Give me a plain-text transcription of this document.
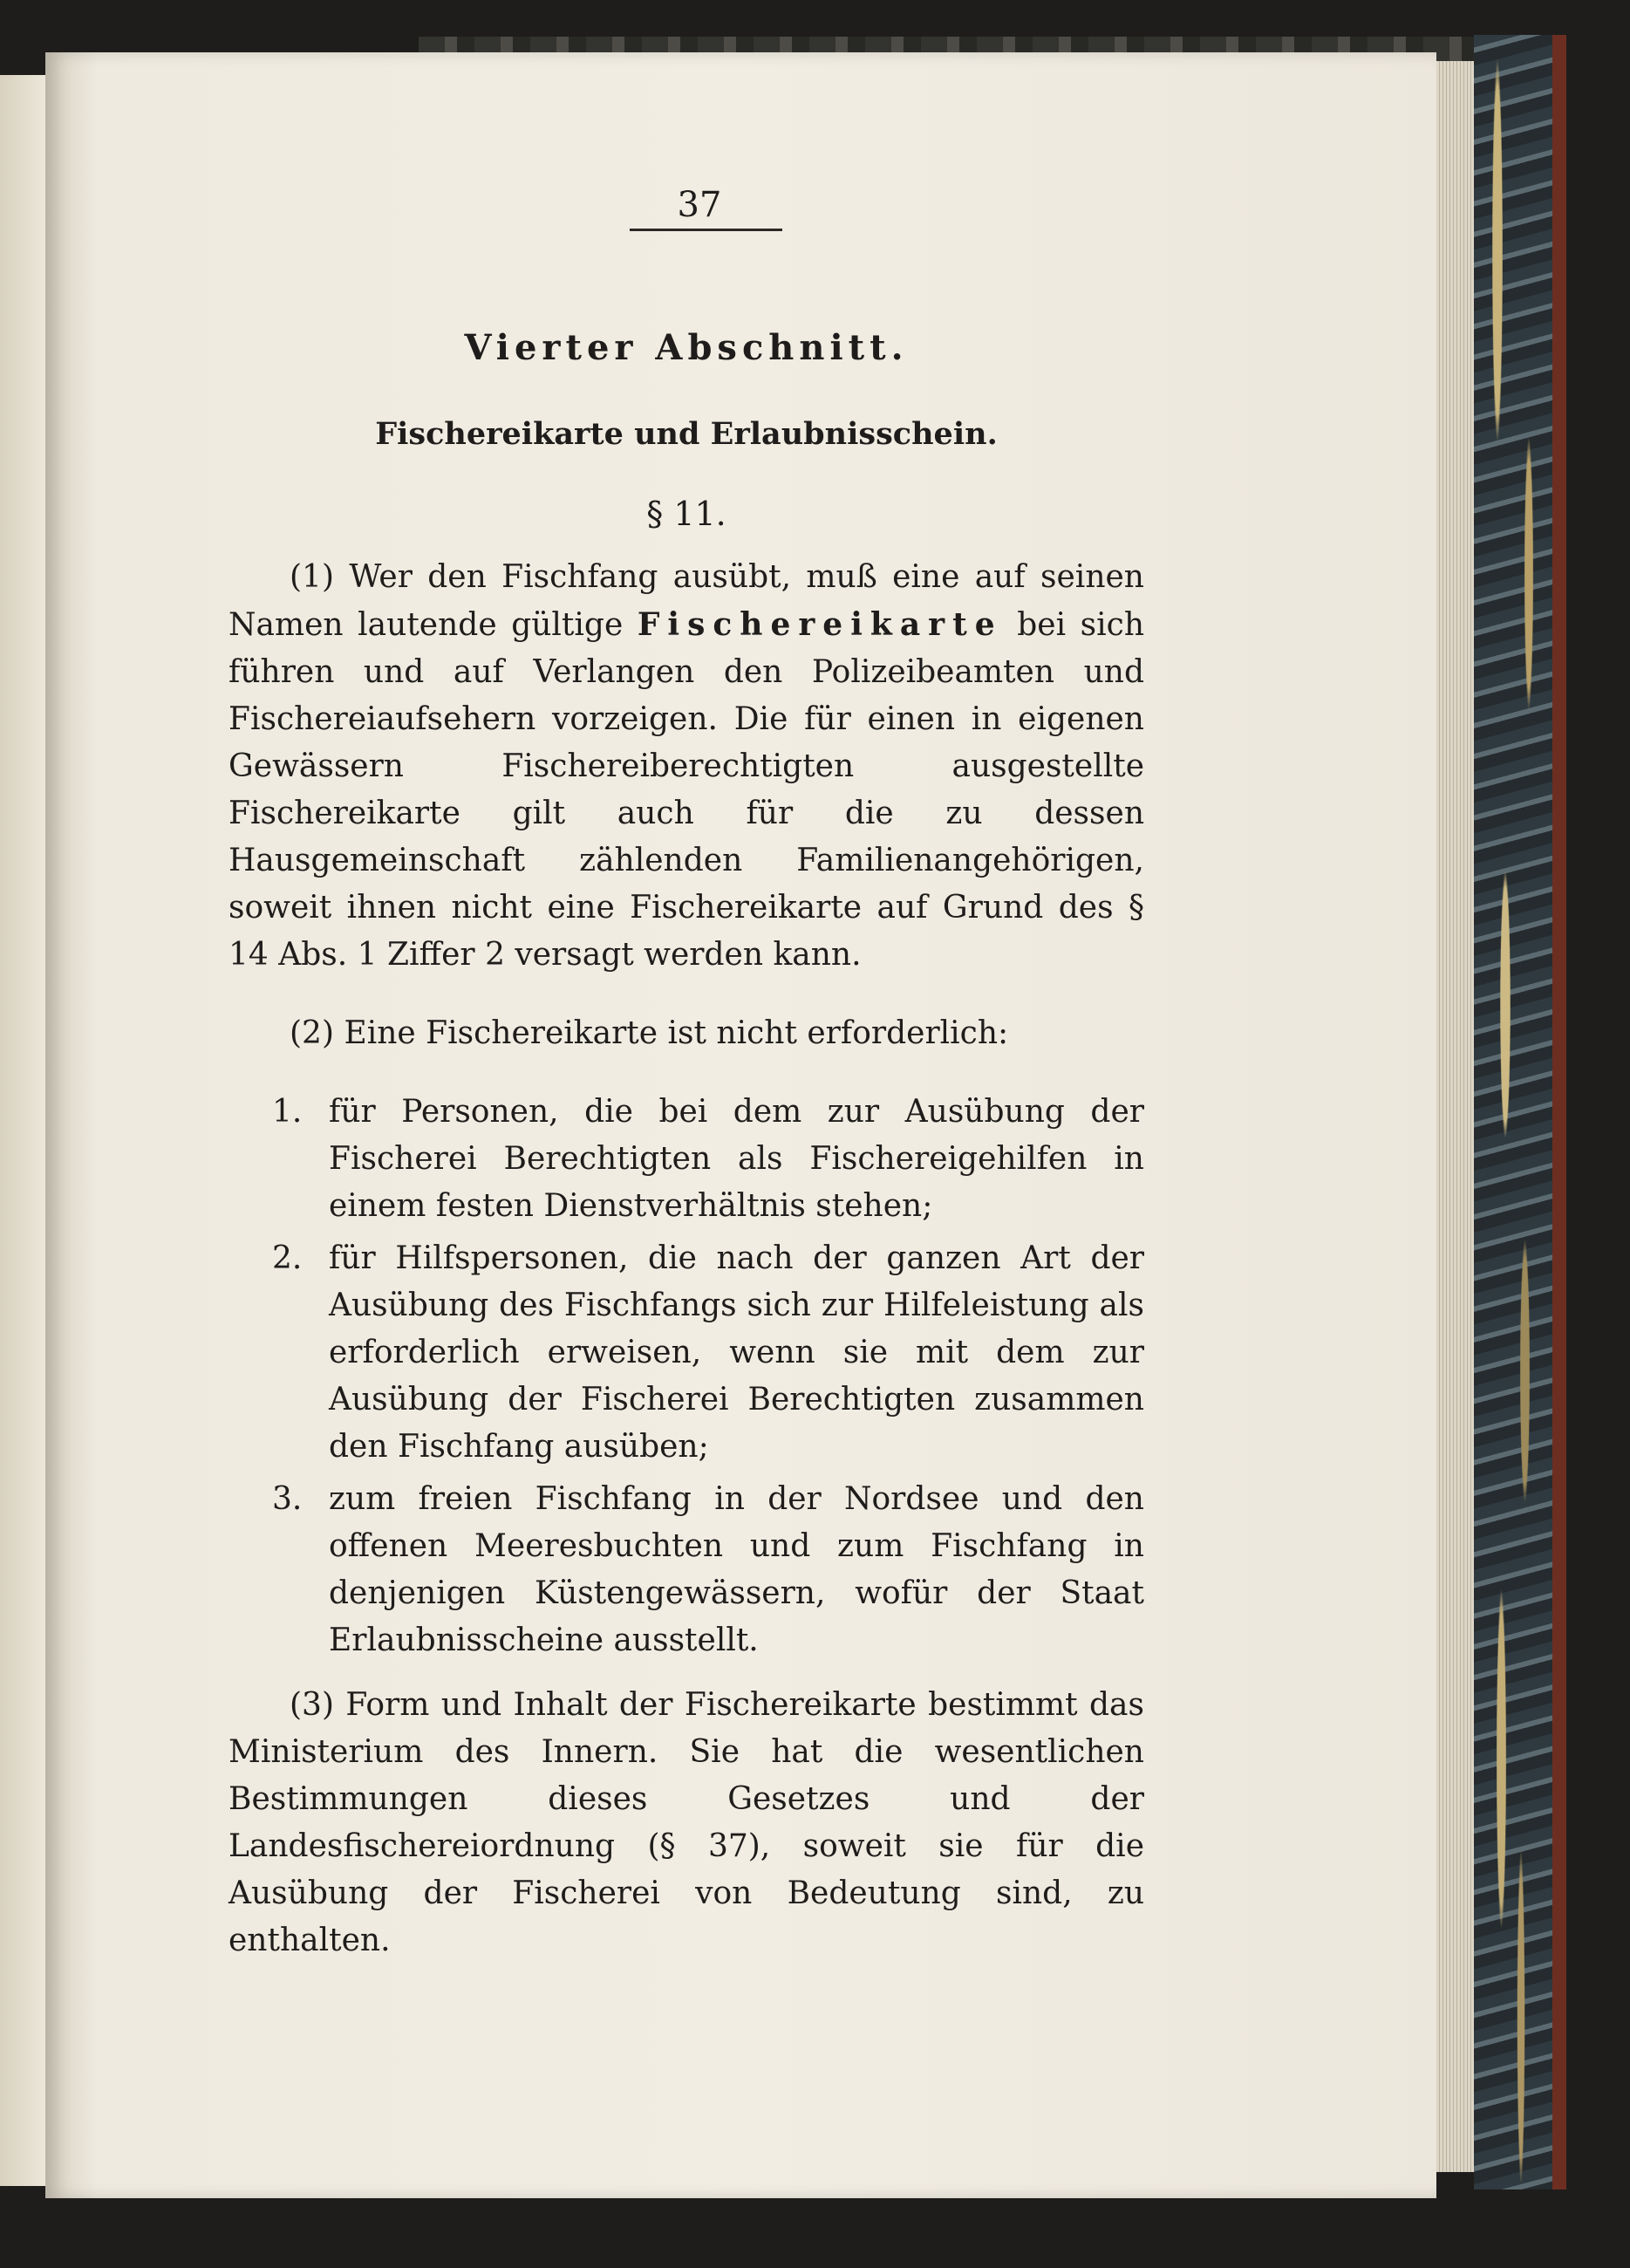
37
Vierter Abschnitt.
Fischereikarte und Erlaubnisschein.
§ 11.

(1) Wer den Fischfang ausübt, muß eine auf seinen Namen lautende gültige Fischereikarte bei sich führen und auf Verlangen den Polizeibeamten und Fischereiaufsehern vorzeigen. Die für einen in eigenen Gewässern Fischereiberechtigten ausgestellte Fischereikarte gilt auch für die zu dessen Hausgemeinschaft zählenden Familienangehörigen, soweit ihnen nicht eine Fischereikarte auf Grund des § 14 Abs. 1 Ziffer 2 versagt werden kann.

(2) Eine Fischereikarte ist nicht erforderlich:

1. für Personen, die bei dem zur Ausübung der Fischerei Berechtigten als Fischereigehilfen in einem festen Dienstverhältnis stehen;
2. für Hilfspersonen, die nach der ganzen Art der Ausübung des Fischfangs sich zur Hilfeleistung als erforderlich erweisen, wenn sie mit dem zur Ausübung der Fischerei Berechtigten zusammen den Fischfang ausüben;
3. zum freien Fischfang in der Nordsee und den offenen Meeresbuchten und zum Fischfang in denjenigen Küstengewässern, wofür der Staat Erlaubnisscheine ausstellt.

(3) Form und Inhalt der Fischereikarte bestimmt das Ministerium des Innern. Sie hat die wesentlichen Bestimmungen dieses Gesetzes und der Landesfischereiordnung (§ 37), soweit sie für die Ausübung der Fischerei von Bedeutung sind, zu enthalten.
